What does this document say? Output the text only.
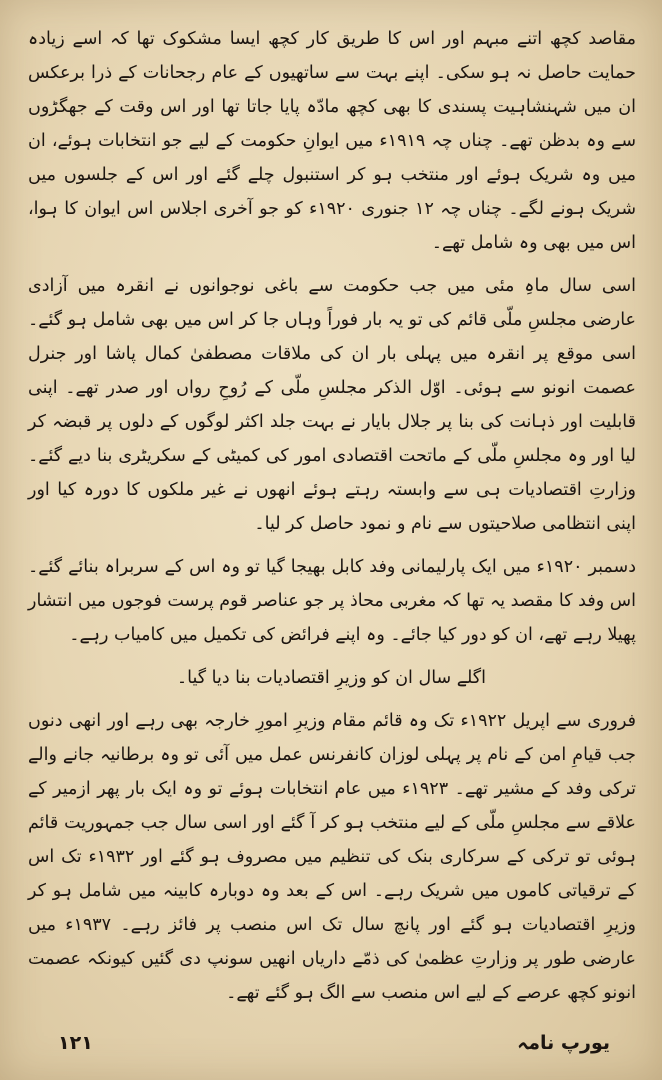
مقاصد کچھ اتنے مبہم اور اس کا طریق کار کچھ ایسا مشکوک تھا کہ اسے زیادہ حمایت حاصل نہ ہو سکی۔ اپنے بہت سے ساتھیوں کے عام رجحانات کے ذرا برعکس ان میں شہنشاہیت پسندی کا بھی کچھ مادّہ پایا جاتا تھا اور اس وقت کے جھگڑوں سے وہ بدظن تھے۔ چناں چہ ۱۹۱۹ء میں ایوانِ حکومت کے لیے جو انتخابات ہوئے، ان میں وہ شریک ہوئے اور منتخب ہو کر استنبول چلے گئے اور اس کے جلسوں میں شریک ہونے لگے۔ چناں چہ ۱۲ جنوری ۱۹۲۰ء کو جو آخری اجلاس اس ایوان کا ہوا، اس میں بھی وہ شامل تھے۔

اسی سال ماہِ مئی میں جب حکومت سے باغی نوجوانوں نے انقرہ میں آزادی عارضی مجلسِ ملّی قائم کی تو یہ بار فوراً وہاں جا کر اس میں بھی شامل ہو گئے۔ اسی موقع پر انقرہ میں پہلی بار ان کی ملاقات مصطفیٰ کمال پاشا اور جنرل عصمت انونو سے ہوئی۔ اوّل الذکر مجلسِ ملّی کے رُوحِ رواں اور صدر تھے۔ اپنی قابلیت اور ذہانت کی بنا پر جلال بایار نے بہت جلد اکثر لوگوں کے دلوں پر قبضہ کر لیا اور وہ مجلسِ ملّی کے ماتحت اقتصادی امور کی کمیٹی کے سکریٹری بنا دیے گئے۔ وزارتِ اقتصادیات ہی سے وابستہ رہتے ہوئے انھوں نے غیر ملکوں کا دورہ کیا اور اپنی انتظامی صلاحیتوں سے نام و نمود حاصل کر لیا۔

دسمبر ۱۹۲۰ء میں ایک پارلیمانی وفد کابل بھیجا گیا تو وہ اس کے سربراہ بنائے گئے۔ اس وفد کا مقصد یہ تھا کہ مغربی محاذ پر جو عناصر قوم پرست فوجوں میں انتشار پھیلا رہے تھے، ان کو دور کیا جائے۔ وہ اپنے فرائض کی تکمیل میں کامیاب رہے۔

اگلے سال ان کو وزیرِ اقتصادیات بنا دیا گیا۔

فروری سے اپریل ۱۹۲۲ء تک وہ قائم مقام وزیرِ امورِ خارجہ بھی رہے اور انھی دنوں جب قیامِ امن کے نام پر پہلی لوزان کانفرنس عمل میں آئی تو وہ برطانیہ جانے والے ترکی وفد کے مشیر تھے۔ ۱۹۲۳ء میں عام انتخابات ہوئے تو وہ ایک بار پھر ازمیر کے علاقے سے مجلسِ ملّی کے لیے منتخب ہو کر آ گئے اور اسی سال جب جمہوریت قائم ہوئی تو ترکی کے سرکاری بنک کی تنظیم میں مصروف ہو گئے اور ۱۹۳۲ء تک اس کے ترقیاتی کاموں میں شریک رہے۔ اس کے بعد وہ دوبارہ کابینہ میں شامل ہو کر وزیرِ اقتصادیات ہو گئے اور پانچ سال تک اس منصب پر فائز رہے۔ ۱۹۳۷ء میں عارضی طور پر وزارتِ عظمیٰ کی ذمّے داریاں انھیں سونپ دی گئیں کیونکہ عصمت انونو کچھ عرصے کے لیے اس منصب سے الگ ہو گئے تھے۔

۱۲۱	یورپ نامہ
